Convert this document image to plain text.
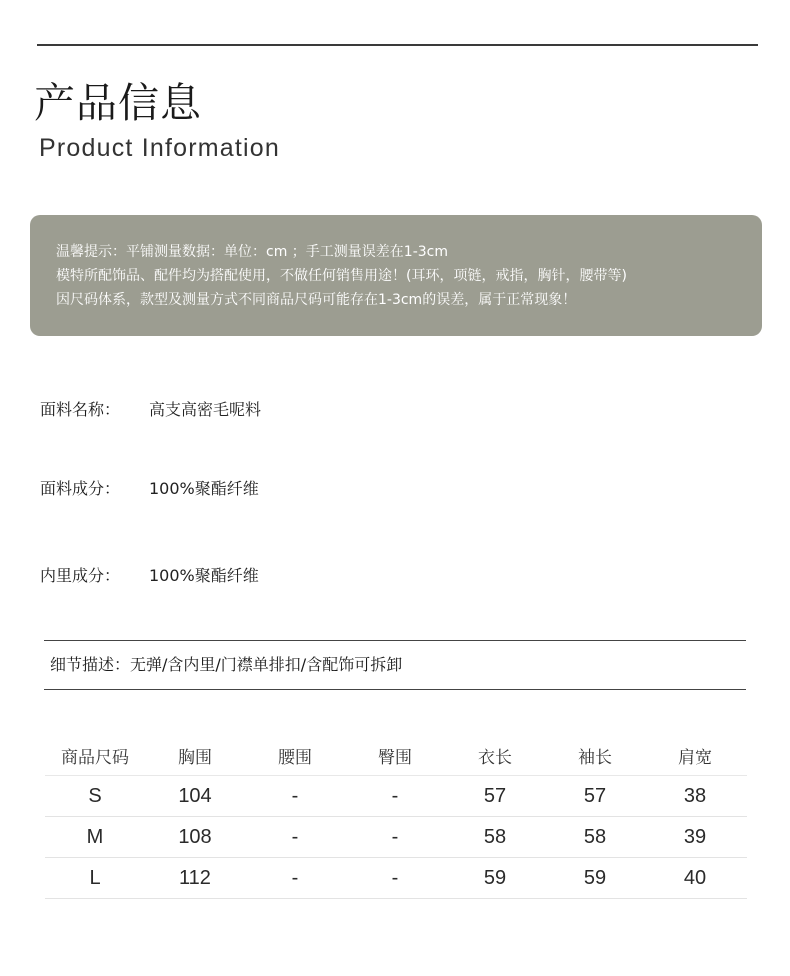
产品信息
Product Information
温馨提示：平铺测量数据：单位：cm ；手工测量误差在1-3cm
模特所配饰品、配件均为搭配使用，不做任何销售用途！(耳环，项链，戒指，胸针，腰带等)
因尺码体系，款型及测量方式不同商品尺码可能存在1-3cm的误差，属于正常现象！
面料名称： 高支高密毛呢料
面料成分： 100%聚酯纤维
内里成分： 100%聚酯纤维
细节描述：无弹/含内里/门襟单排扣/含配饰可拆卸
商品尺码	胸围	腰围	臀围	衣长	袖长	肩宽
S	104	-	-	57	57	38
M	108	-	-	58	58	39
L	112	-	-	59	59	40
